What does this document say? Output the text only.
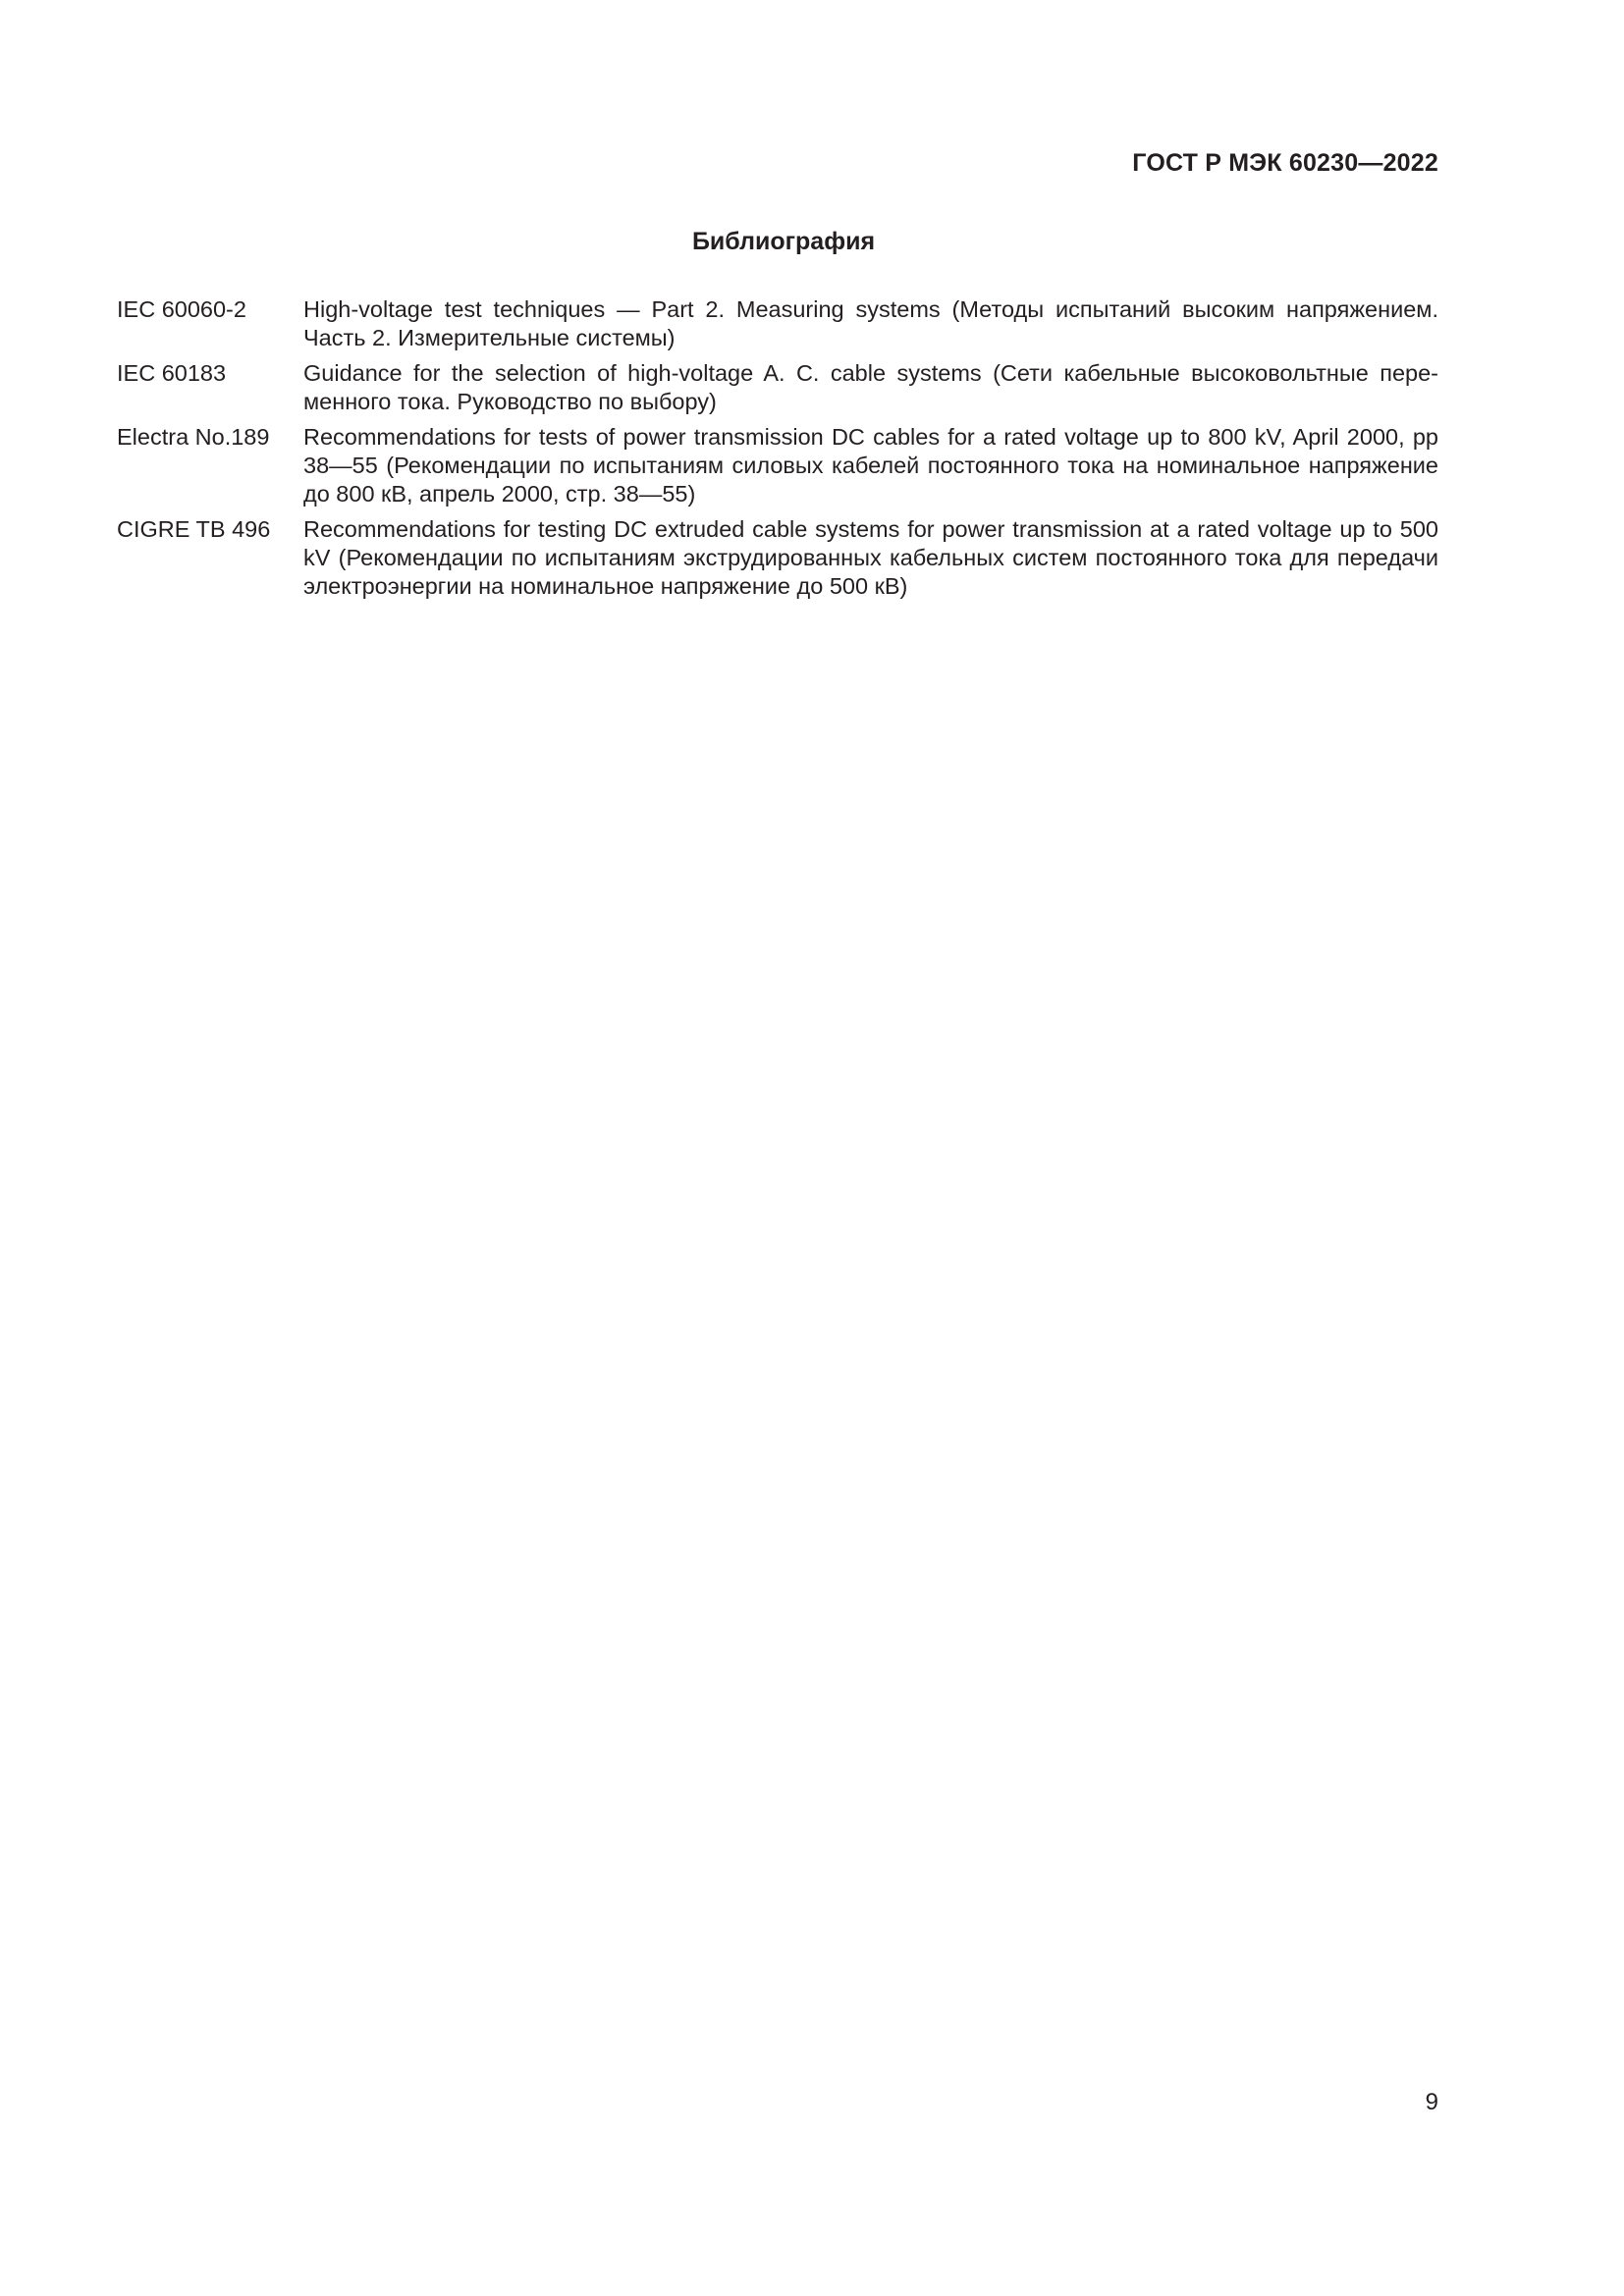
ГОСТ Р МЭК 60230—2022
Библиография
IEC 60060-2	High-voltage test techniques — Part 2. Measuring systems (Методы испытаний высоким напряжением. Часть 2. Измерительные системы)
IEC 60183	Guidance for the selection of high-voltage A. C. cable systems (Сети кабельные высоковольтные переменного тока. Руководство по выбору)
Electra No.189	Recommendations for tests of power transmission DC cables for a rated voltage up to 800 kV, April 2000, pp 38—55 (Рекомендации по испытаниям силовых кабелей постоянного тока на номинальное напряжение до 800 кВ, апрель 2000, стр. 38—55)
CIGRE TB 496	Recommendations for testing DC extruded cable systems for power transmission at a rated voltage up to 500 kV (Рекомендации по испытаниям экструдированных кабельных систем постоянного тока для передачи электроэнергии на номинальное напряжение до 500 кВ)
9
